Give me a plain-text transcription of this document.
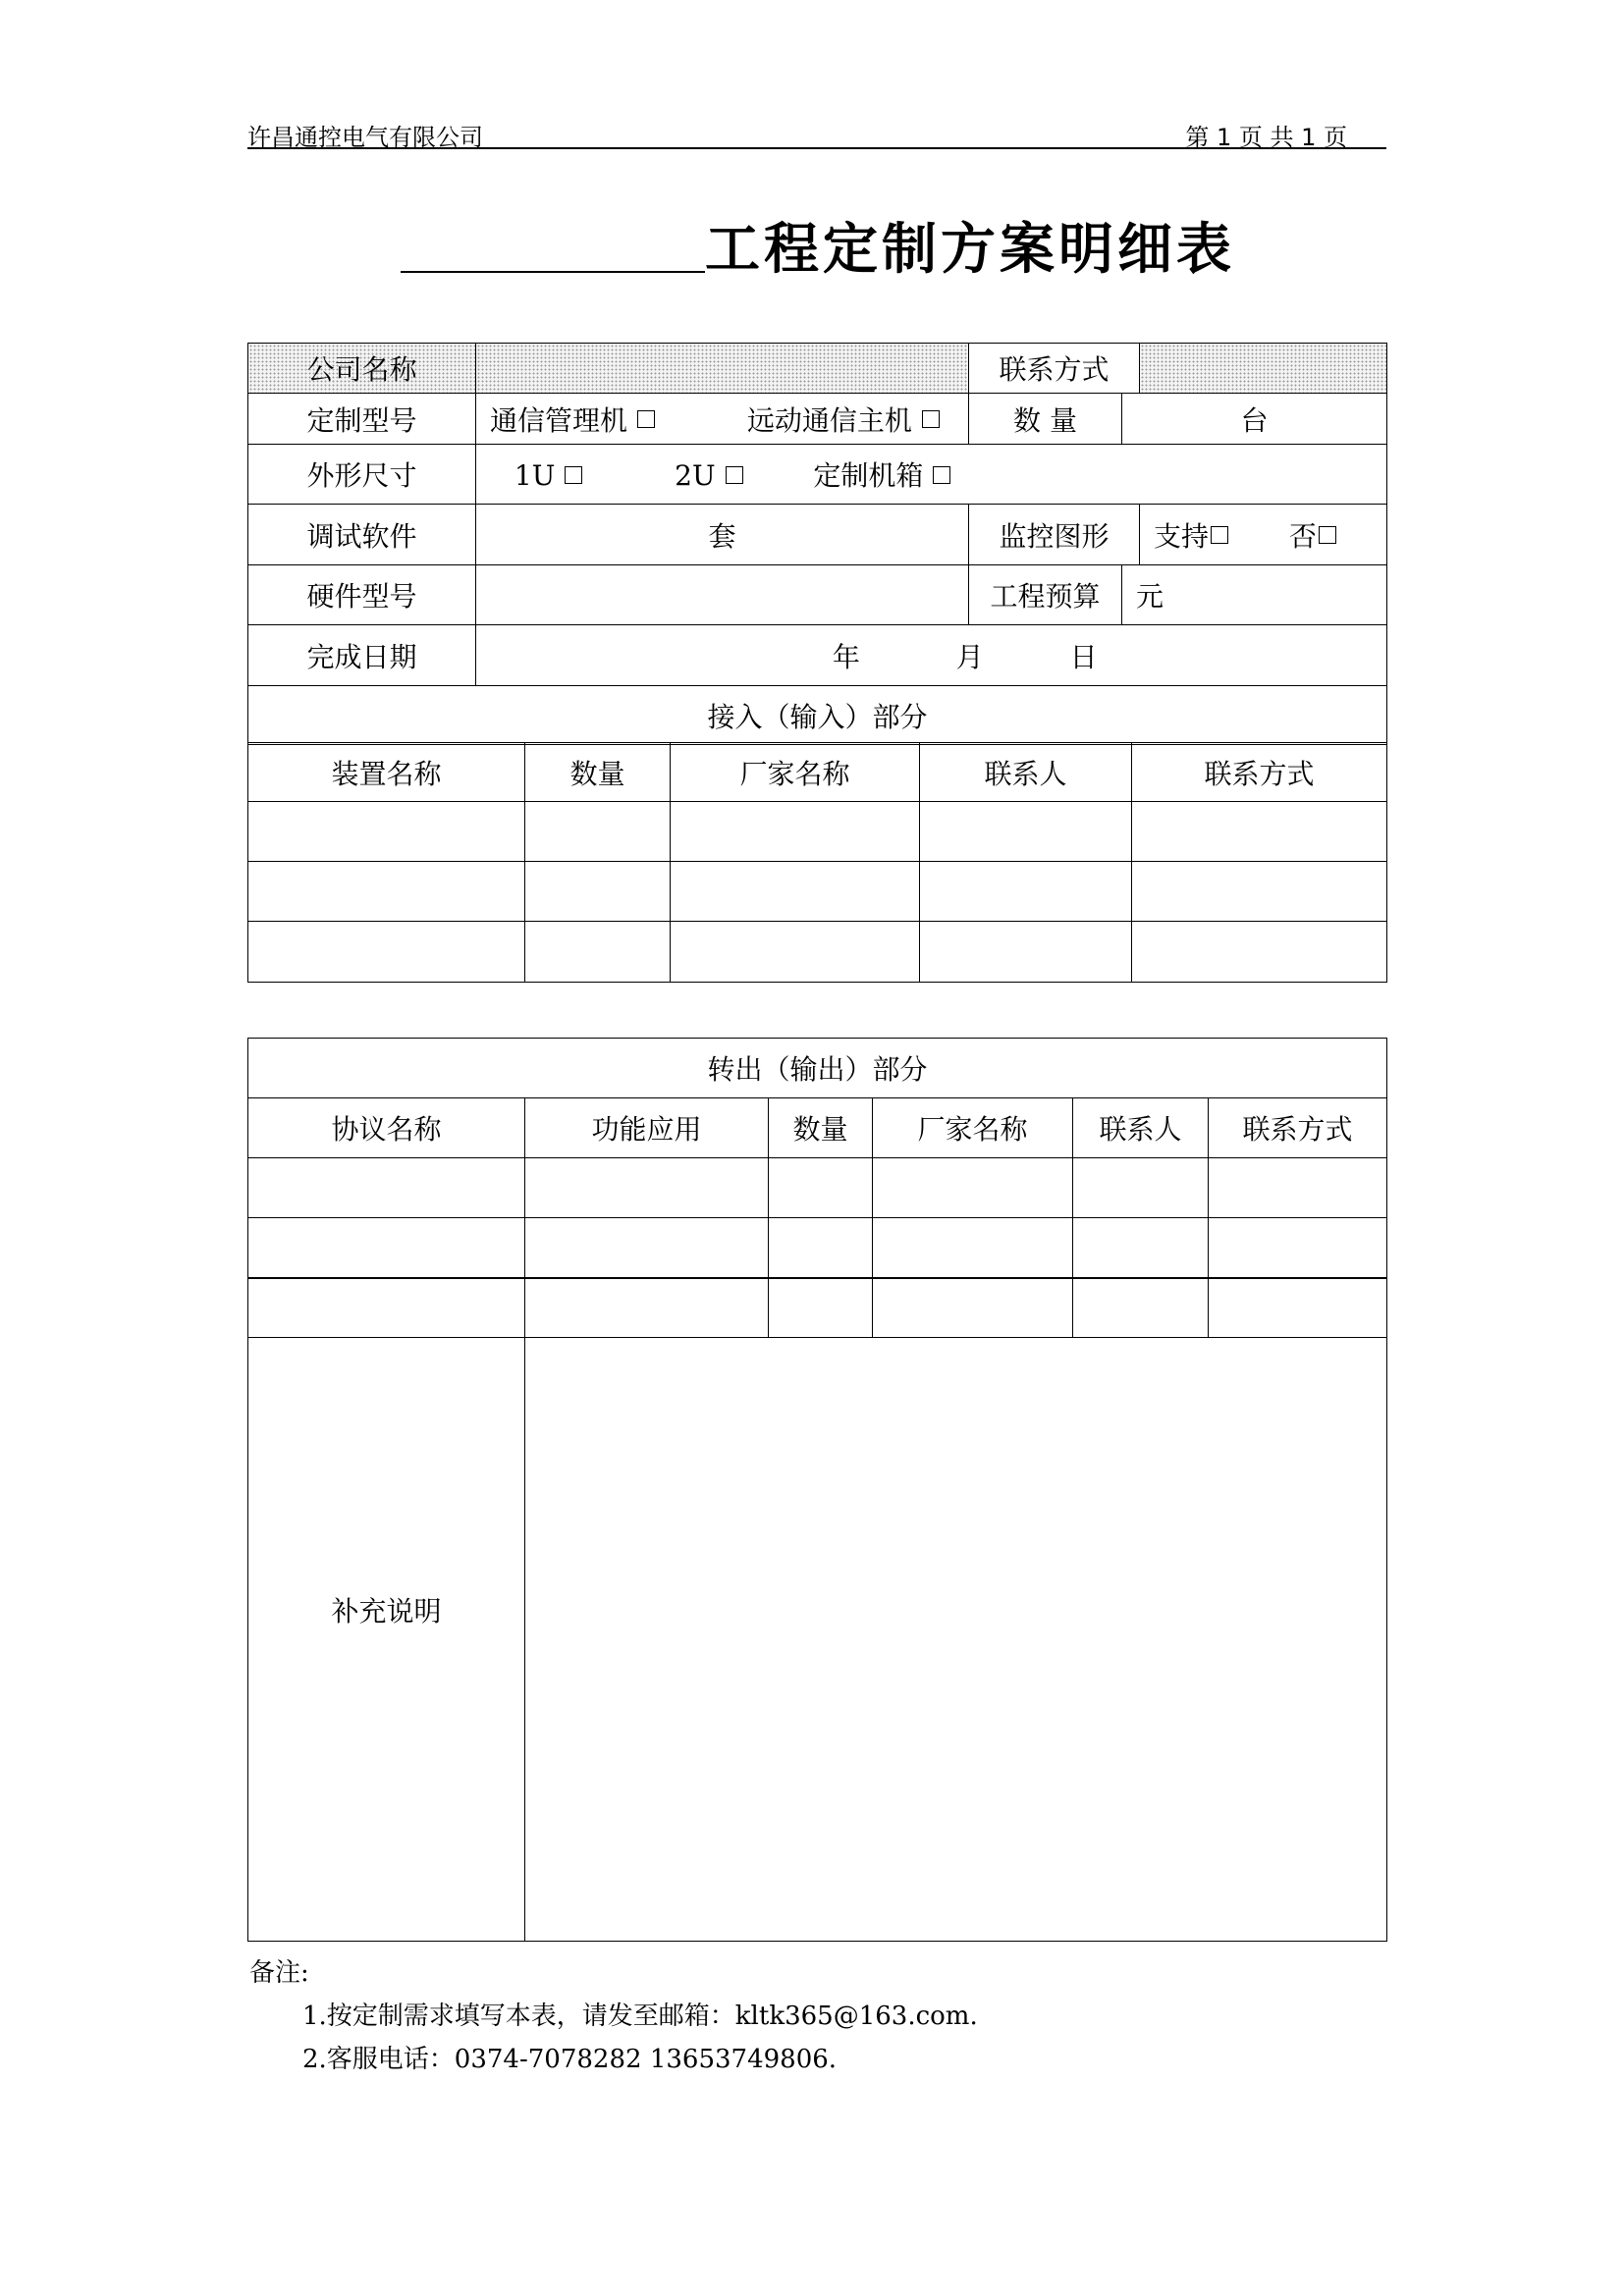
许昌通控电气有限公司	第 1 页 共 1 页
工程定制方案明细表
公司名称		联系方式		
定制型号	通信管理机 远动通信主机	数 量	台	
外形尺寸	1U 2U 定制机箱			
调试软件	套	监控图形		支持 否
硬件型号		工程预算	元	
完成日期	年 月 日			
接入（输入）部分				
装置名称	数量	厂家名称	联系人	联系方式

转出（输出）部分					
协议名称	功能应用	数量	厂家名称	联系人	联系方式

补充说明	
备注:
1.按定制需求填写本表，请发至邮箱：kltk365@163.com.
2.客服电话：0374-7078282 13653749806.
